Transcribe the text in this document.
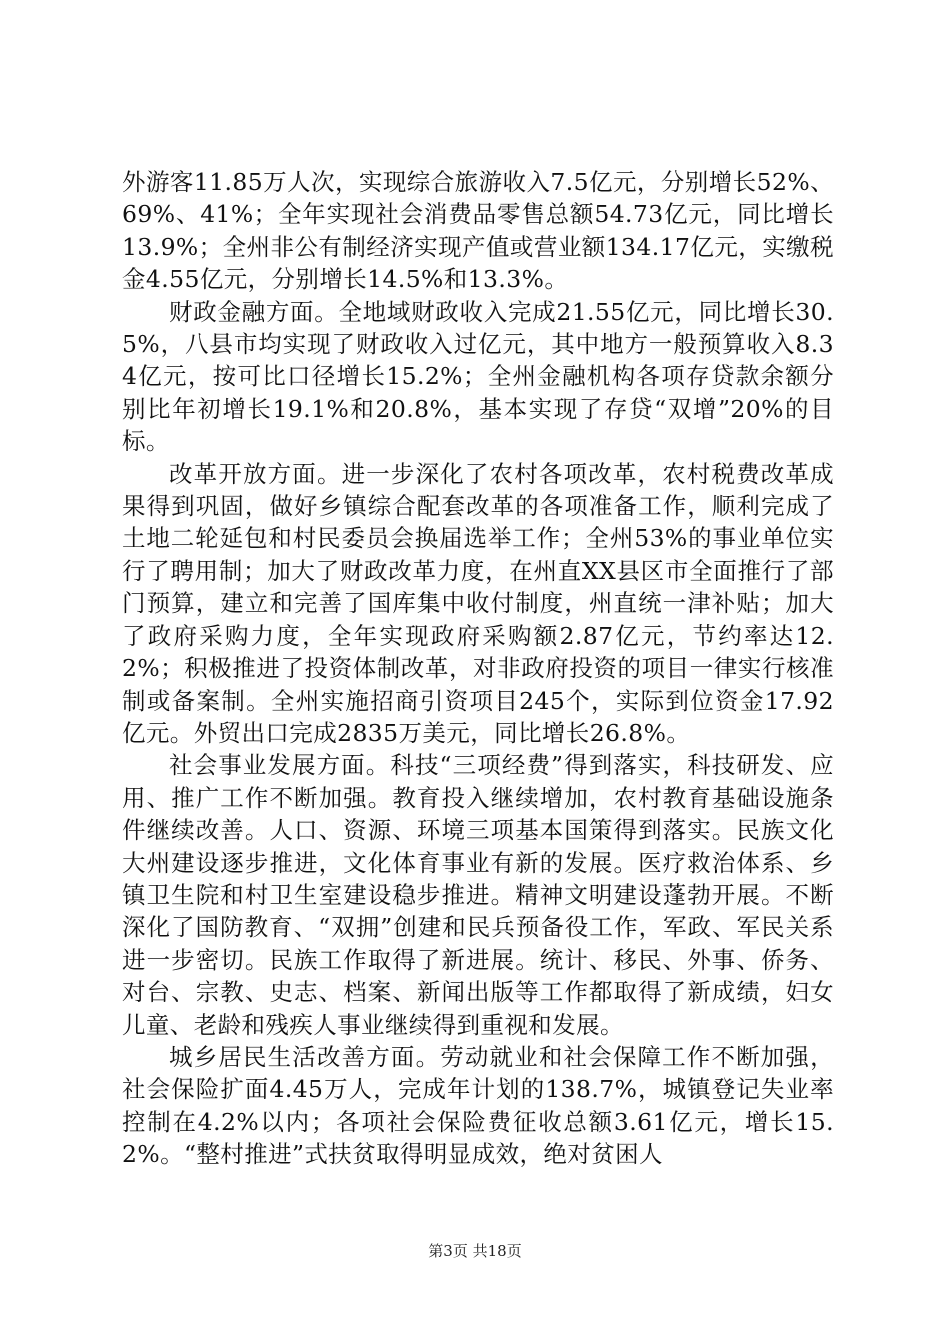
外游客11.85万人次，实现综合旅游收入7.5亿元，分别增长52%、69%、41%；全年实现社会消费品零售总额54.73亿元，同比增长13.9%；全州非公有制经济实现产值或营业额134.17亿元，实缴税金4.55亿元，分别增长14.5%和13.3%。

财政金融方面。全地域财政收入完成21.55亿元，同比增长30.5%，八县市均实现了财政收入过亿元，其中地方一般预算收入8.34亿元，按可比口径增长15.2%；全州金融机构各项存贷款余额分别比年初增长19.1%和20.8%，基本实现了存贷“双增”20%的目标。

改革开放方面。进一步深化了农村各项改革，农村税费改革成果得到巩固，做好乡镇综合配套改革的各项准备工作，顺利完成了土地二轮延包和村民委员会换届选举工作；全州53%的事业单位实行了聘用制；加大了财政改革力度，在州直XX县区市全面推行了部门预算，建立和完善了国库集中收付制度，州直统一津补贴；加大了政府采购力度，全年实现政府采购额2.87亿元，节约率达12.2%；积极推进了投资体制改革，对非政府投资的项目一律实行核准制或备案制。全州实施招商引资项目245个，实际到位资金17.92亿元。外贸出口完成2835万美元，同比增长26.8%。

社会事业发展方面。科技“三项经费”得到落实，科技研发、应用、推广工作不断加强。教育投入继续增加，农村教育基础设施条件继续改善。人口、资源、环境三项基本国策得到落实。民族文化大州建设逐步推进，文化体育事业有新的发展。医疗救治体系、乡镇卫生院和村卫生室建设稳步推进。精神文明建设蓬勃开展。不断深化了国防教育、“双拥”创建和民兵预备役工作，军政、军民关系进一步密切。民族工作取得了新进展。统计、移民、外事、侨务、对台、宗教、史志、档案、新闻出版等工作都取得了新成绩，妇女儿童、老龄和残疾人事业继续得到重视和发展。

城乡居民生活改善方面。劳动就业和社会保障工作不断加强，社会保险扩面4.45万人，完成年计划的138.7%，城镇登记失业率控制在4.2%以内；各项社会保险费征收总额3.61亿元，增长15.2%。“整村推进”式扶贫取得明显成效，绝对贫困人

第3页 共18页
